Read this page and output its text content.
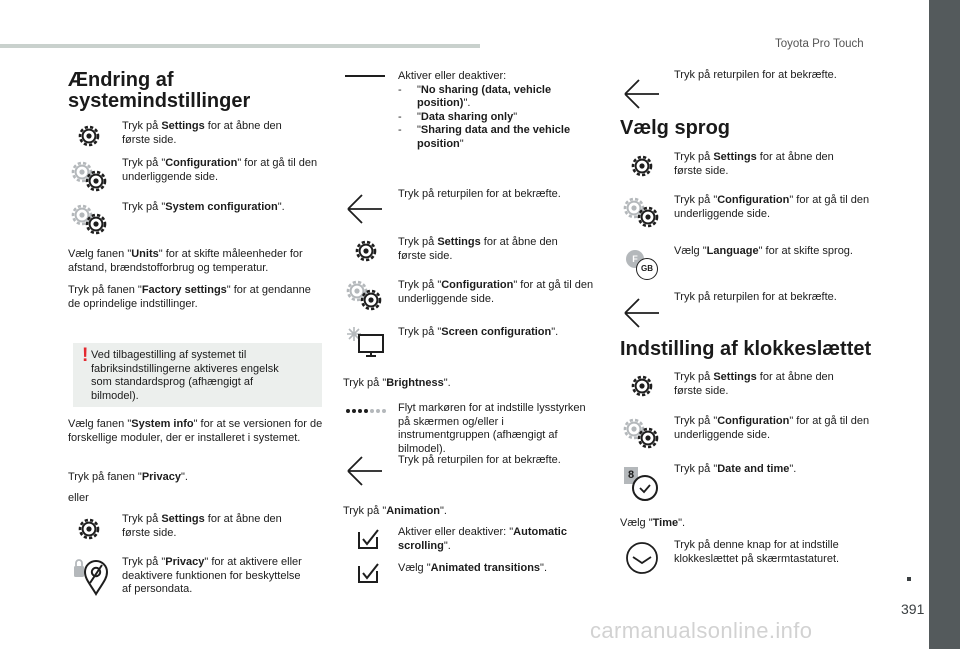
Toyota Pro Touch
391
carmanualsonline.info
Ændring af
systemindstillinger
Tryk på Settings for at åbne den første side.
Tryk på "Configuration" for at gå til den underliggende side.
Tryk på "System configuration".
Vælg fanen "Units" for at skifte måleenheder for afstand, brændstofforbrug og temperatur.
Tryk på fanen "Factory settings" for at gendanne de oprindelige indstillinger.
! Ved tilbagestilling af systemet til fabriksindstillingerne aktiveres engelsk som standardsprog (afhængigt af bilmodel).
Vælg fanen "System info" for at se versionen for de forskellige moduler, der er installeret i systemet.
Tryk på fanen "Privacy".
eller
Tryk på Settings for at åbne den første side.
Tryk på "Privacy" for at aktivere eller deaktivere funktionen for beskyttelse af persondata.
Aktiver eller deaktiver:
- "No sharing (data, vehicle position)".
- "Data sharing only"
- "Sharing data and the vehicle position"
Tryk på returpilen for at bekræfte.
Tryk på Settings for at åbne den første side.
Tryk på "Configuration" for at gå til den underliggende side.
Tryk på "Screen configuration".
Tryk på "Brightness".
Flyt markøren for at indstille lysstyrken på skærmen og/eller i instrumentgruppen (afhængigt af bilmodel).
Tryk på returpilen for at bekræfte.
Tryk på "Animation".
Aktiver eller deaktiver: "Automatic scrolling".
Vælg "Animated transitions".
Tryk på returpilen for at bekræfte.
Vælg sprog
Tryk på Settings for at åbne den første side.
Tryk på "Configuration" for at gå til den underliggende side.
F
GB
Vælg "Language" for at skifte sprog.
Tryk på returpilen for at bekræfte.
Indstilling af klokkeslættet
Tryk på Settings for at åbne den første side.
Tryk på "Configuration" for at gå til den underliggende side.
8	Tryk på "Date and time".
Vælg "Time".
Tryk på denne knap for at indstille klokkeslættet på skærmtastaturet.
